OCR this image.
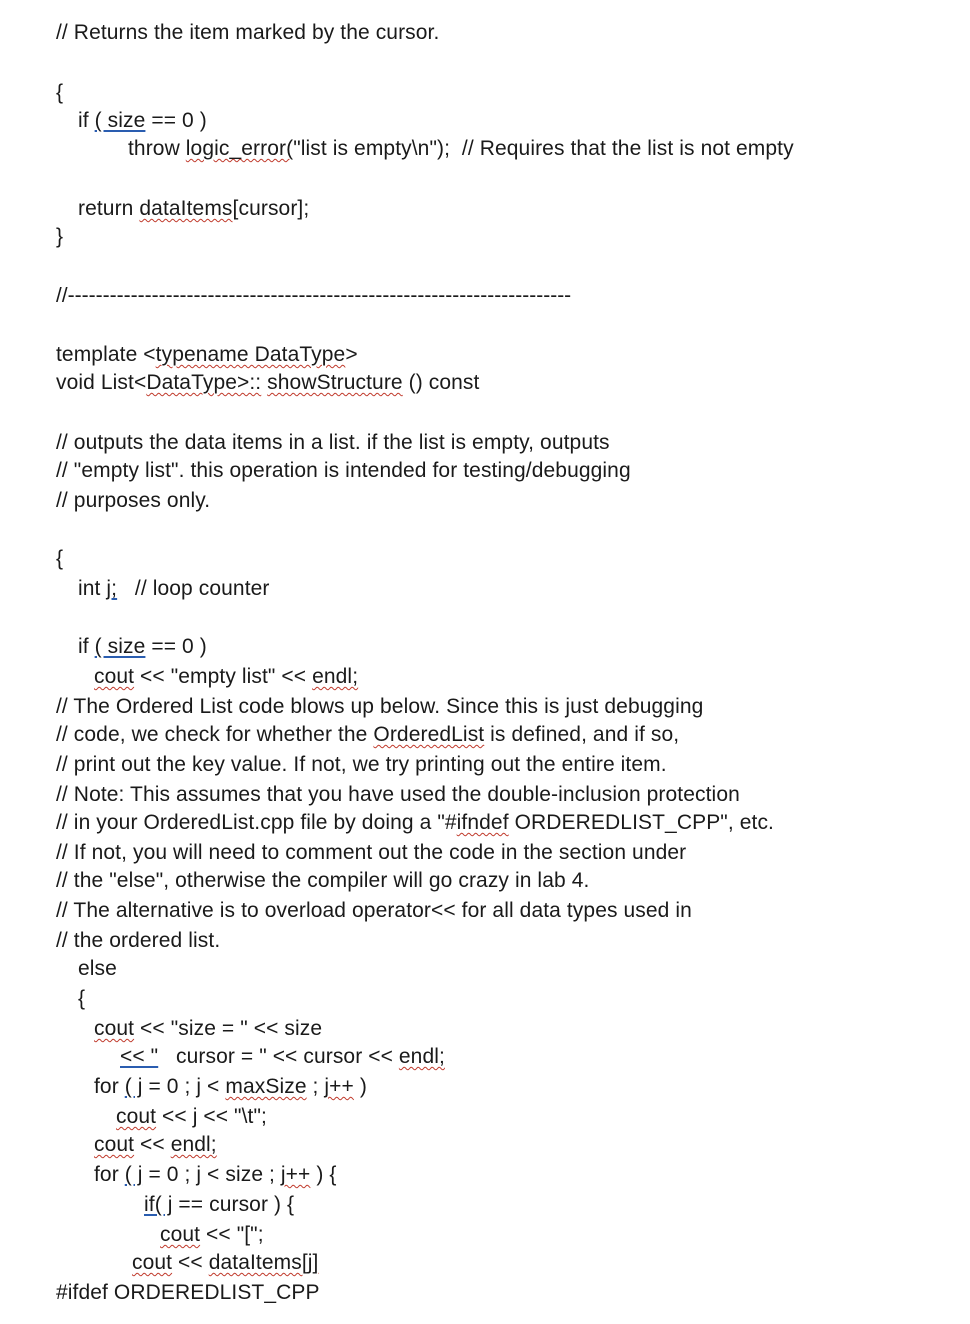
// Returns the item marked by the cursor.
{
if ( size == 0 )
throw logic_error("list is empty\n");  // Requires that the list is not empty
return dataItems[cursor];
}
//------------------------------------------------------------------------
template <typename DataType>
void List<DataType>:: showStructure () const
// outputs the data items in a list. if the list is empty, outputs
// "empty list". this operation is intended for testing/debugging
// purposes only.
{
int j;   // loop counter
if ( size == 0 )
cout << "empty list" << endl;
// The Ordered List code blows up below. Since this is just debugging
// code, we check for whether the OrderedList is defined, and if so,
// print out the key value. If not, we try printing out the entire item.
// Note: This assumes that you have used the double-inclusion protection
// in your OrderedList.cpp file by doing a "#ifndef ORDEREDLIST_CPP", etc.
// If not, you will need to comment out the code in the section under
// the "else", otherwise the compiler will go crazy in lab 4.
// The alternative is to overload operator<< for all data types used in
// the ordered list.
else
{
cout << "size = " << size
<< "   cursor = " << cursor << endl;
for ( j = 0 ; j < maxSize ; j++ )
cout << j << "\t";
cout << endl;
for ( j = 0 ; j < size ; j++ ) {
if( j == cursor ) {
cout << "[";
cout << dataItems[j]
#ifdef ORDEREDLIST_CPP
